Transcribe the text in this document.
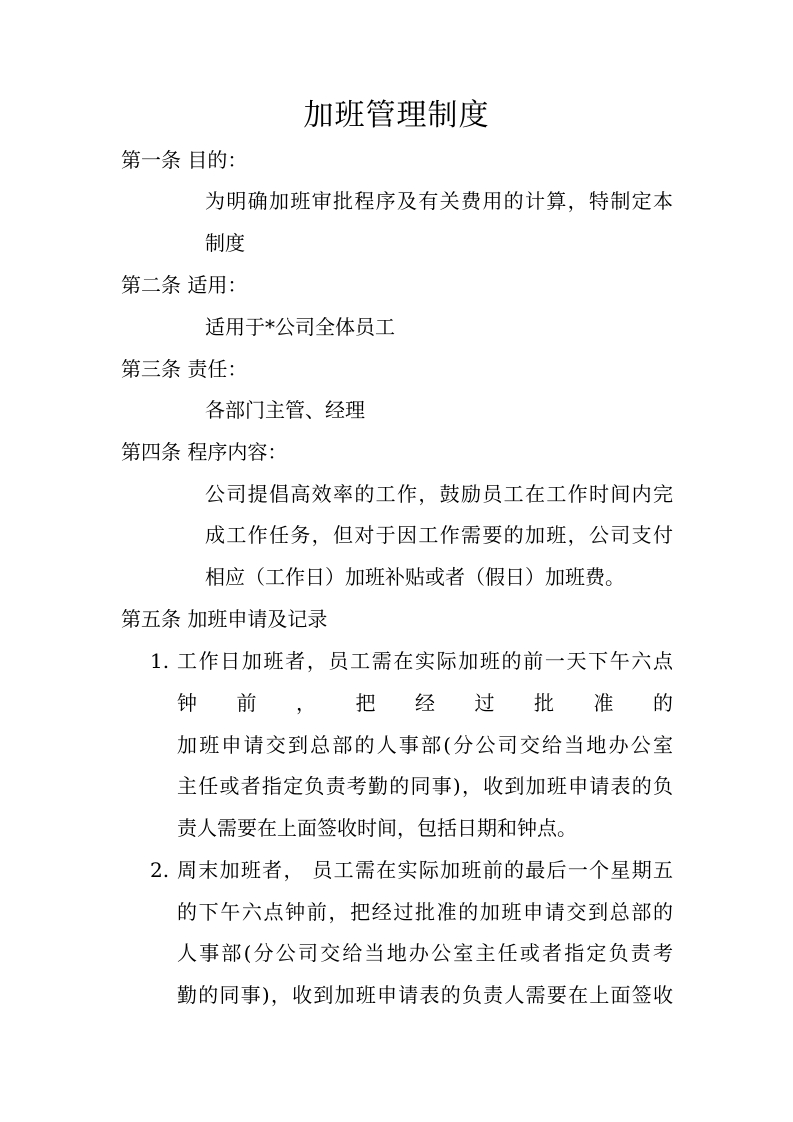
加班管理制度
第一条 目的：
为明确加班审批程序及有关费用的计算，特制定本
制度
第二条 适用：
适用于*公司全体员工
第三条 责任：
各部门主管、经理
第四条 程序内容：
公司提倡高效率的工作，鼓励员工在工作时间内完
成工作任务，但对于因工作需要的加班，公司支付
相应（工作日）加班补贴或者（假日）加班费。
第五条 加班申请及记录
1. 工作日加班者，员工需在实际加班的前一天下午六点
钟 前 ， 把 经 过 批 准 的
加班申请交到总部的人事部(分公司交给当地办公室
主任或者指定负责考勤的同事)，收到加班申请表的负
责人需要在上面签收时间，包括日期和钟点。
2. 周末加班者， 员工需在实际加班前的最后一个星期五
的下午六点钟前，把经过批准的加班申请交到总部的
人事部(分公司交给当地办公室主任或者指定负责考
勤的同事)，收到加班申请表的负责人需要在上面签收
